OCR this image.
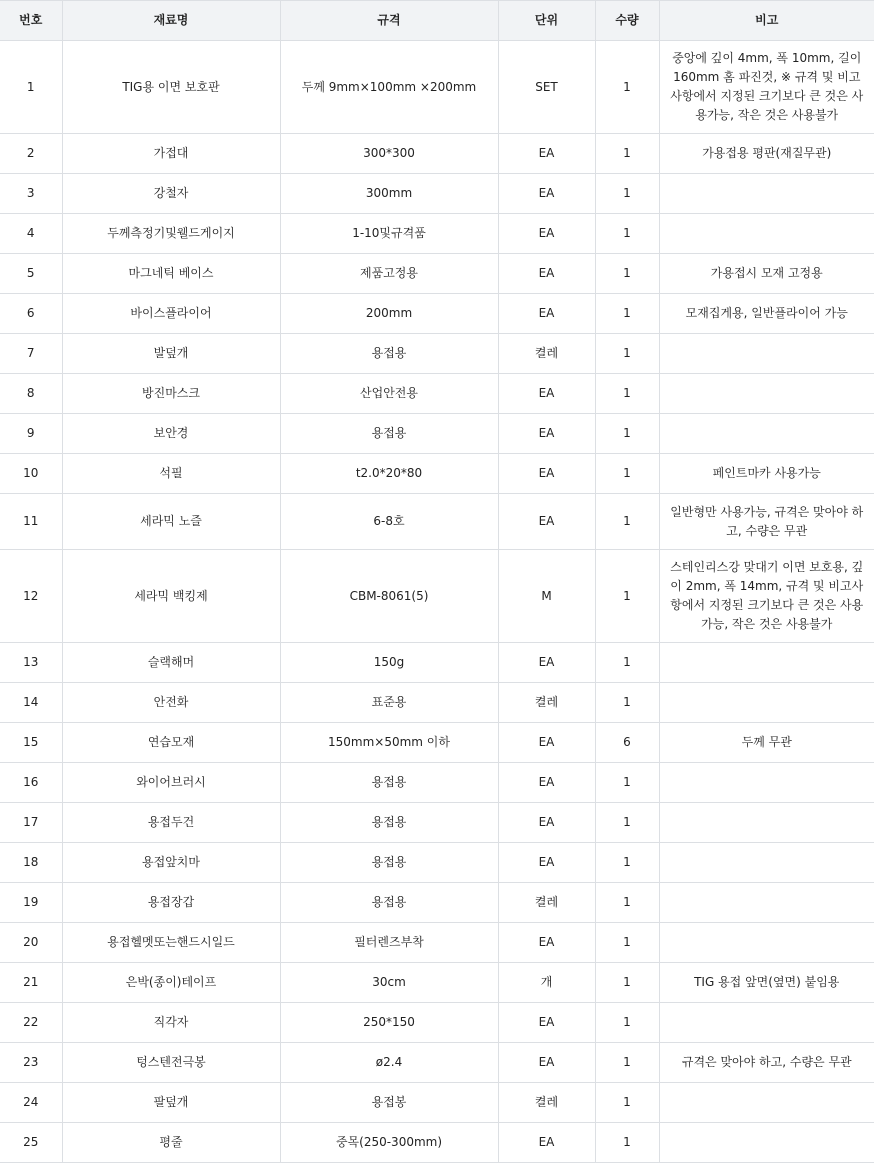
번호	재료명	규격	단위	수량	비고
1	TIG용 이면 보호판	두께 9mm×100mm ×200mm	SET	1	중앙에 깊이 4mm, 폭 10mm, 길이 160mm 홈 파진것, ※ 규격 및 비고사항에서 지정된 크기보다 큰 것은 사용가능, 작은 것은 사용불가
2	가접대	300*300	EA	1	가용접용 평판(재질무관)
3	강철자	300mm	EA	1	
4	두께측정기및웰드게이지	1-10및규격품	EA	1	
5	마그네틱 베이스	제품고정용	EA	1	가용접시 모재 고정용
6	바이스플라이어	200mm	EA	1	모재집게용, 일반플라이어 가능
7	발덮개	용접용	켤레	1	
8	방진마스크	산업안전용	EA	1	
9	보안경	용접용	EA	1	
10	석필	t2.0*20*80	EA	1	페인트마카 사용가능
11	세라믹 노즐	6-8호	EA	1	일반형만 사용가능, 규격은 맞아야 하고, 수량은 무관
12	세라믹 백킹제	CBM-8061(5)	M	1	스테인리스강 맞대기 이면 보호용, 깊이 2mm, 폭 14mm, 규격 및 비고사항에서 지정된 크기보다 큰 것은 사용가능, 작은 것은 사용불가
13	슬랙해머	150g	EA	1	
14	안전화	표준용	켤레	1	
15	연습모재	150mm×50mm 이하	EA	6	두께 무관
16	와이어브러시	용접용	EA	1	
17	용접두건	용접용	EA	1	
18	용접앞치마	용접용	EA	1	
19	용접장갑	용접용	켤레	1	
20	용접헬멧또는핸드시일드	필터렌즈부착	EA	1	
21	은박(종이)테이프	30cm	개	1	TIG 용접 앞면(옆면) 붙임용
22	직각자	250*150	EA	1	
23	텅스텐전극봉	ø2.4	EA	1	규격은 맞아야 하고, 수량은 무관
24	팔덮개	용접봉	켤레	1	
25	평줄	중목(250-300mm)	EA	1	
